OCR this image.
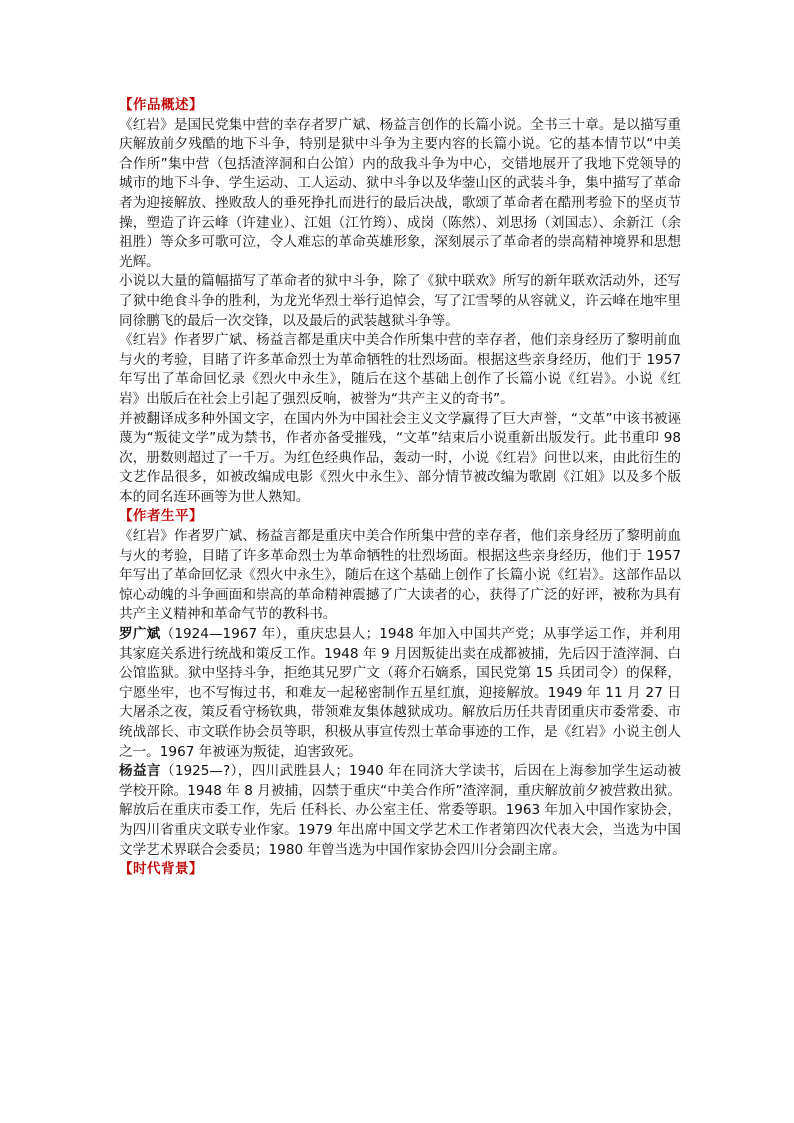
【作品概述】

《红岩》是国民党集中营的幸存者罗广斌、杨益言创作的长篇小说。全书三十章。是以描写重庆解放前夕残酷的地下斗争，特别是狱中斗争为主要内容的长篇小说。它的基本情节以“中美合作所”集中营（包括渣滓洞和白公馆）内的敌我斗争为中心，交错地展开了我地下党领导的城市的地下斗争、学生运动、工人运动、狱中斗争以及华蓥山区的武装斗争，集中描写了革命者为迎接解放、挫败敌人的垂死挣扎而进行的最后决战，歌颂了革命者在酷刑考验下的坚贞节操，塑造了许云峰（许建业）、江姐（江竹筠）、成岗（陈然）、刘思扬（刘国志）、余新江（余祖胜）等众多可歌可泣，令人难忘的革命英雄形象，深刻展示了革命者的崇高精神境界和思想光辉。

小说以大量的篇幅描写了革命者的狱中斗争，除了《狱中联欢》所写的新年联欢活动外，还写了狱中绝食斗争的胜利，为龙光华烈士举行追悼会，写了江雪琴的从容就义，许云峰在地牢里同徐鹏飞的最后一次交锋，以及最后的武装越狱斗争等。

《红岩》作者罗广斌、杨益言都是重庆中美合作所集中营的幸存者，他们亲身经历了黎明前血与火的考验，目睹了许多革命烈士为革命牺牲的壮烈场面。根据这些亲身经历，他们于 1957 年写出了革命回忆录《烈火中永生》，随后在这个基础上创作了长篇小说《红岩》。小说《红岩》出版后在社会上引起了强烈反响，被誉为“共产主义的奇书”。

并被翻译成多种外国文字，在国内外为中国社会主义文学赢得了巨大声誉，“文革”中该书被诬蔑为“叛徒文学”成为禁书，作者亦备受摧残，“文革”结束后小说重新出版发行。此书重印 98 次，册数则超过了一千万。为红色经典作品，轰动一时，小说《红岩》问世以来，由此衍生的文艺作品很多，如被改编成电影《烈火中永生》、部分情节被改编为歌剧《江姐》以及多个版本的同名连环画等为世人熟知。

【作者生平】

《红岩》作者罗广斌、杨益言都是重庆中美合作所集中营的幸存者，他们亲身经历了黎明前血与火的考验，目睹了许多革命烈士为革命牺牲的壮烈场面。根据这些亲身经历，他们于 1957 年写出了革命回忆录《烈火中永生》，随后在这个基础上创作了长篇小说《红岩》。这部作品以惊心动魄的斗争画面和崇高的革命精神震撼了广大读者的心，获得了广泛的好评，被称为具有共产主义精神和革命气节的教科书。

罗广斌（1924—1967 年），重庆忠县人；1948 年加入中国共产党；从事学运工作，并利用其家庭关系进行统战和策反工作。1948 年 9 月因叛徒出卖在成都被捕，先后囚于渣滓洞、白公馆监狱。狱中坚持斗争，拒绝其兄罗广文（蒋介石嫡系，国民党第 15 兵团司令）的保释，宁愿坐牢，也不写悔过书，和难友一起秘密制作五星红旗，迎接解放。1949 年 11 月 27 日大屠杀之夜，策反看守杨钦典，带领难友集体越狱成功。解放后历任共青团重庆市委常委、市统战部长、市文联作协会员等职，积极从事宣传烈士革命事迹的工作，是《红岩》小说主创人之一。1967 年被诬为叛徒，迫害致死。

杨益言（1925—?），四川武胜县人；1940 年在同济大学读书，后因在上海参加学生运动被学校开除。1948 年 8 月被捕，囚禁于重庆“中美合作所”渣滓洞，重庆解放前夕被营救出狱。解放后在重庆市委工作，先后 任科长、办公室主任、常委等职。1963 年加入中国作家协会，为四川省重庆文联专业作家。1979 年出席中国文学艺术工作者第四次代表大会，当选为中国文学艺术界联合会委员；1980 年曾当选为中国作家协会四川分会副主席。

【时代背景】
